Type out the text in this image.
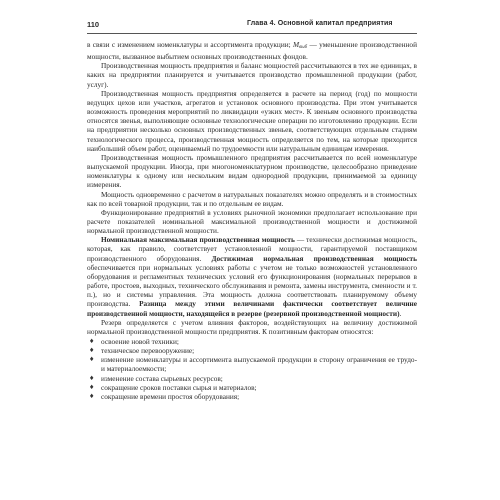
110	Глава 4. Основной капитал предприятия

в связи с изменением номенклатуры и ассортимента продукции; $М_{выб}$ — уменьшение производственной мощности, вызванное выбытием основных производственных фондов.

Производственная мощность предприятия и баланс мощностей рассчитываются в тех же единицах, в каких на предприятии планируется и учитывается производство промышленной продукции (работ, услуг).

Производственная мощность предприятия определяется в расчете на период (год) по мощности ведущих цехов или участков, агрегатов и установок основного производства. При этом учитывается возможность проведения мероприятий по ликвидации «узких мест». К звеньям основного производства относятся звенья, выполняющие основные технологические операции по изготовлению продукции. Если на предприятии несколько основных производственных звеньев, соответствующих отдельным стадиям технологического процесса, производственная мощность определяется по тем, на которые приходится наибольший объем работ, оцениваемый по трудоемкости или натуральным единицам измерения.

Производственная мощность промышленного предприятия рассчитывается по всей номенклатуре выпускаемой продукции. Иногда, при многономенклатурном производстве, целесообразно приведение номенклатуры к одному или нескольким видам однородной продукции, принимаемой за единицу измерения.

Мощность одновременно с расчетом в натуральных показателях можно определять и в стоимостных как по всей товарной продукции, так и по отдельным ее видам.

Функционирование предприятий в условиях рыночной экономики предполагает использование при расчете показателей номинальной максимальной производственной мощности и достижимой нормальной производственной мощности.

Номинальная максимальная производственная мощность — технически достижимая мощность, которая, как правило, соответствует установленной мощности, гарантируемой поставщиком производственного оборудования. Достижимая нормальная производственная мощность обеспечивается при нормальных условиях работы с учетом не только возможностей установленного оборудования и регламентных технических условий его функционирования (нормальных перерывов в работе, простоев, выходных, технического обслуживания и ремонта, замены инструмента, сменности и т. п.), но и системы управления. Эта мощность должна соответствовать планируемому объему производства. Разница между этими величинами фактически соответствует величине производственной мощности, находящейся в резерве (резервной производственной мощности).

Резерв определяется с учетом влияния факторов, воздействующих на величину достижимой нормальной производственной мощности предприятия. К позитивным факторам относятся:

♦ освоение новой техники;
♦ техническое перевооружение;
♦ изменение номенклатуры и ассортимента выпускаемой продукции в сторону ограничения ее трудо- и материалоемкости;
♦ изменение состава сырьевых ресурсов;
♦ сокращение сроков поставки сырья и материалов;
♦ сокращение времени простоя оборудования;
